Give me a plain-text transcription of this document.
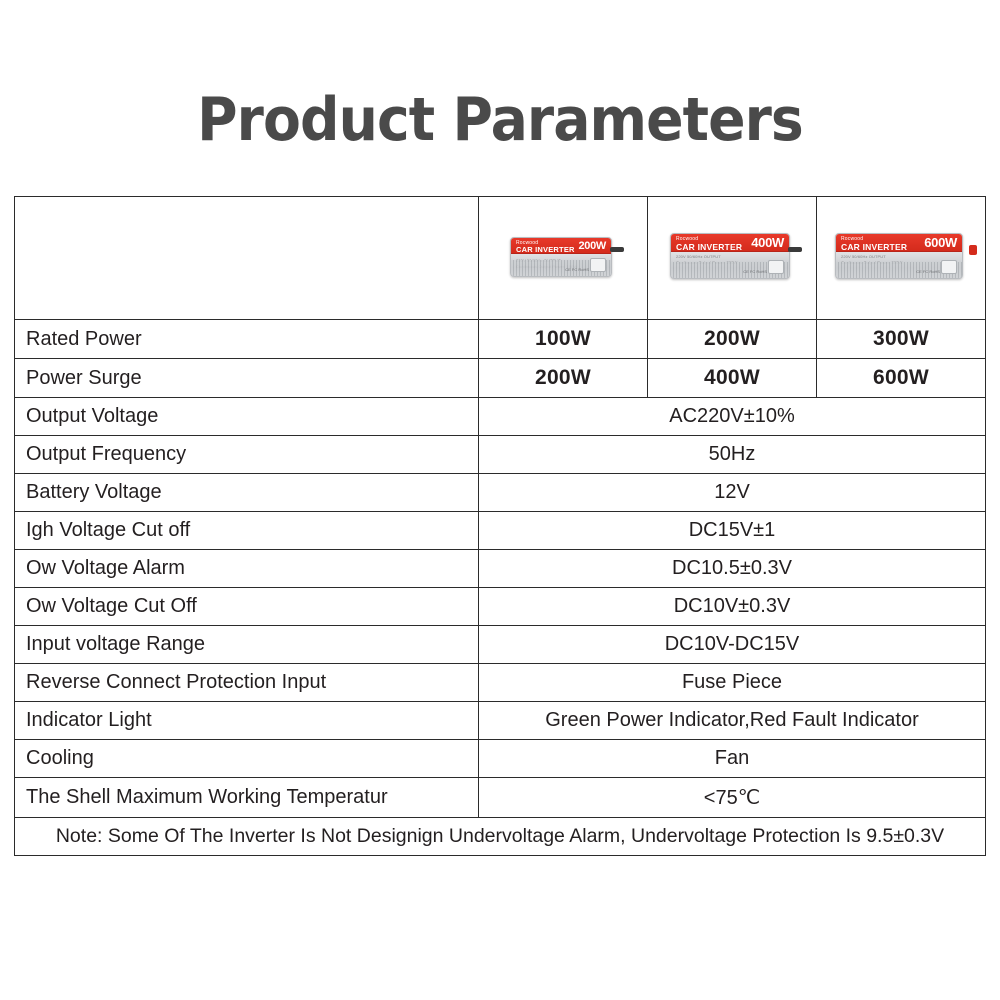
Product Parameters

Rocwood
CAR INVERTER 200W
CE FC RoHS

Rocwood
CAR INVERTER 400W
220V 50/60Hz OUTPUT
CE FC RoHS

Rocwood
CAR INVERTER 600W
220V 50/60Hz OUTPUT
CE FC RoHS

Rated Power	100W	200W	300W
Power Surge	200W	400W	600W
Output Voltage	AC220V±10%		
Output Frequency	50Hz		
Battery Voltage	12V		
Igh Voltage Cut off	DC15V±1		
Ow Voltage Alarm	DC10.5±0.3V		
Ow Voltage Cut Off	DC10V±0.3V		
Input voltage Range	DC10V-DC15V		
Reverse Connect Protection Input	Fuse Piece		
Indicator Light	Green Power Indicator,Red Fault Indicator		
Cooling	Fan		
The Shell Maximum Working Temperatur	<75℃		
Note: Some Of The Inverter Is Not Designign Undervoltage Alarm, Undervoltage Protection Is 9.5±0.3V			
